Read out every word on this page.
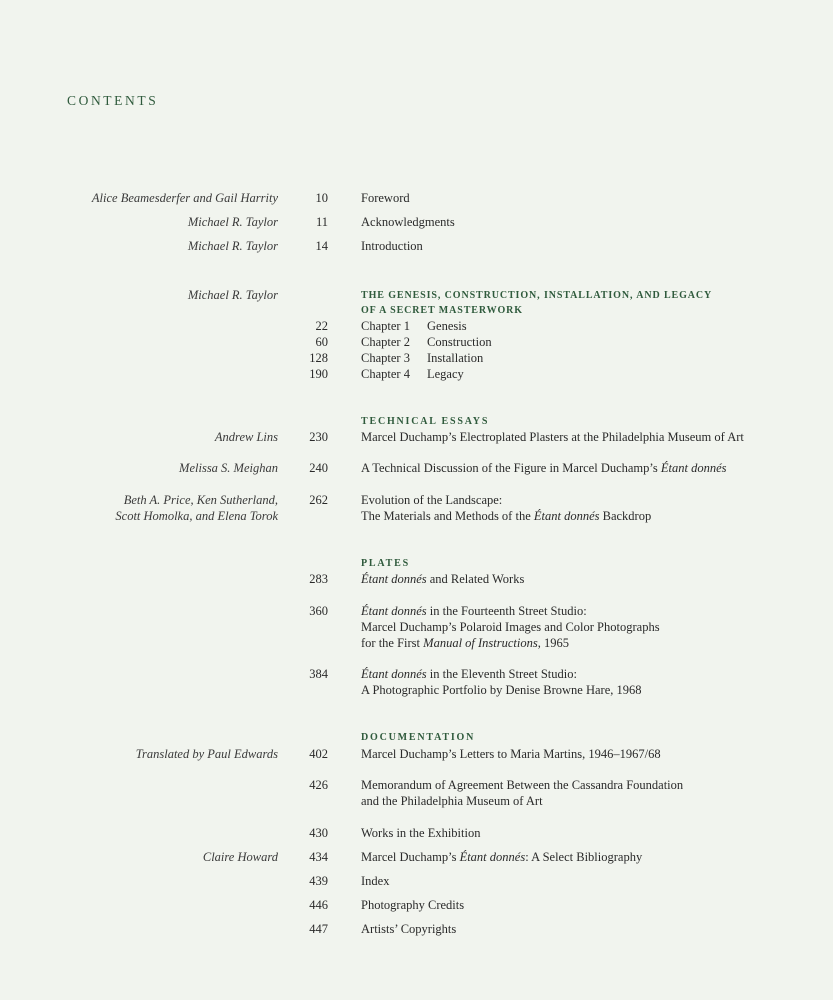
CONTENTS
Alice Beamesderfer and Gail Harrity	10	Foreword
Michael R. Taylor	11	Acknowledgments
Michael R. Taylor	14	Introduction
Michael R. Taylor	THE GENESIS, CONSTRUCTION, INSTALLATION, AND LEGACY
OF A SECRET MASTERWORK
22	Chapter 1 Genesis
60	Chapter 2 Construction
128	Chapter 3 Installation
190	Chapter 4 Legacy
TECHNICAL ESSAYS
Andrew Lins	230	Marcel Duchamp’s Electroplated Plasters at the Philadelphia Museum of Art
Melissa S. Meighan	240	A Technical Discussion of the Figure in Marcel Duchamp’s Étant donnés
Beth A. Price, Ken Sutherland,
Scott Homolka, and Elena Torok
262	Evolution of the Landscape:
The Materials and Methods of the Étant donnés Backdrop
PLATES
283	Étant donnés and Related Works
360	Étant donnés in the Fourteenth Street Studio:
Marcel Duchamp’s Polaroid Images and Color Photographs
for the First Manual of Instructions, 1965
384	Étant donnés in the Eleventh Street Studio:
A Photographic Portfolio by Denise Browne Hare, 1968
DOCUMENTATION
Translated by Paul Edwards	402	Marcel Duchamp’s Letters to Maria Martins, 1946–1967/68
426	Memorandum of Agreement Between the Cassandra Foundation
and the Philadelphia Museum of Art
430	Works in the Exhibition
Claire Howard	434	Marcel Duchamp’s Étant donnés: A Select Bibliography
439	Index
446	Photography Credits
447	Artists’ Copyrights
